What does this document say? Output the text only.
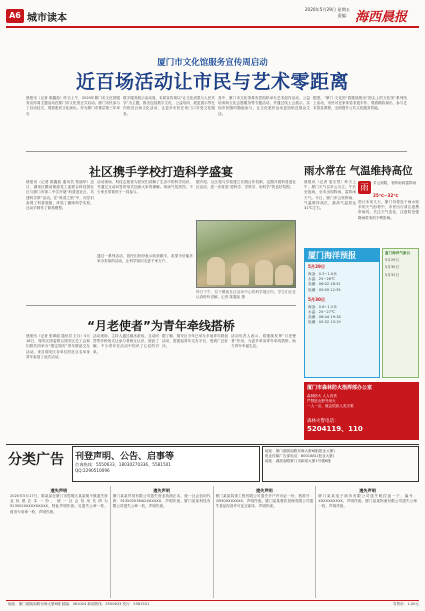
A6 城市读本
2020年5月29日 星期五
责编： 海西晨报
厦门市文化馆服务宣传周启动
近百场活动让市民与艺术零距离
晨报讯（记者 陈鑫茹）昨日上午，2020年厦门市文化馆服务宣传周主题活动在厦门市文化馆正式启动。厦门市民参与了启动仪式，观看惠民文化演出。作为厦门市基层第三年举办
数字服务展示活动周，本届宣传周以“让文化成果与人民共享”为主题，推出包括数字文化、公益培训、展览展示等在内的近百场文化活动，让更多市民在家门口享受文化服务。
其中，厦门市文化馆将有偿组织举办艺术创作活动、公益培训和文化志愿服务等专题活动，并通过线上云展示，实现市民随时随地参与，让文化惠民活动更加贴近群众生活。
据悉，“厦门·文化馆”将继续推出“指尖上的文化馆”系列线上活动，市民可在家体验非遗手作、观看精彩演出、参与艺术普及课程，全面提升公共文化服务效能。
社区携手学校打造科学盛宴
晨报讯（记者 陈鑫茹 通讯员 郑丽华）近日，湖里区殿前街道党工委联合科技园社区与厦门市第二中学开展“科普进社区，共建科学梦”活动。在“科普之旅”中，同学们参观了科普展板、体验了趣味科学实验，还动手制作了简易模型。
活动现场，科技志愿者为居民们讲解了生活中的科学知识，并通过互动问答的形式加深大家的理解。现场气氛热烈，不少家长带着孩子一同参与。
昨日下午，位于殿前社区活动中心的科学展区内，学生们正在认真聆听讲解。记者 陈鑫茹 摄
通过一系列活动，居民们纷纷表示收获颇丰，希望今后能多举办类似的活动，让科学知识走进千家万户。
据介绍，社区将与学校建立长期合作机制，定期开展科普进社区活动，进一步营造“爱科学、学科学、用科学”的良好氛围。
“月老使者”为青年牵线搭桥
晨报讯（记者 张翠丽 通讯员 王月）5月18日，翔安区团委联合翔安区总工会和妇联共同举办“情定翔安”青年联谊交友活动。来自翔安区各单位的近百名单身青年参加了此次活动。
活动现场，主持人通过破冰游戏、互动问答等多种形式让参与者相互认识、彼此了解。不少青年在活动中结识了心仪的对象。
据了解，翔安区今年已举办多场青年联谊活动，搭建起青年交友平台，受到广泛好评。
活动负责人表示，将继续发挥“月老使者”作用，为更多单身青年牵线搭桥，助力青年幸福生活。
雨水常在 气温维持高位
晨报讯（记者 詹宏然）昨天上午，厦门天气以多云为主。午后至夜间，全市出现阵雨、雷阵雨天气。今日，厦门多云转阵雨，气温维持高位，最高气温将达31℃左右。
雨	多云到阴，有阵雨到雷阵雨
25℃~32℃
预计未来几天，厦门仍将处于雨水较多的天气形势中，市民出行请注意携带雨具，关注天气变化，注意防范强降雨带来的不利影响。
厦门海洋预报
5月29日
海浪：0.5~1.0米
水温：25~26℃
高潮：06:02 18:31
低潮：00:09 12:35
5月30日
海浪：0.6~1.2米
水温：25~27℃
高潮：06:44 19:18
低潮：00:52 13:19
厦门海洋气象台
5月29日
5月30日
5月31日
厦门市森林防火指挥部办公室
森林防火 人人有责
严禁进山野外用火
一人一点，就会招致人类灾难
森林火警电话：
5204119、110
分类广告	刊登声明、公告、启事等
咨询热线：5550633、18030270336、5581501
QQ:2290510096
地址：厦门湖滨南路东海大厦6楼(报业大厦)
报业传媒广告部电话：8001881(报业大厦)
地址：湖滨南路厦门市新闻大厦1号楼6楼
遗失声明
2020年5月17日，陈某某在厦门市思明区某某街不慎遗失营业执照正本一份，统一社会信用代码为91350200XXXXXXXX，特此声明作废。另遗失公章一枚、财务专用章一枚，声明作废。
遗失声明
厦门某某贸易有限公司遗失营业执照正本，统一社会信用代码：91350203MA2XXXXXX，声明作废。厦门某某科技有限公司遗失公章一枚，声明作废。
遗失声明
厦门某某装饰工程有限公司遗失开户许可证一份，核准号：J3930XXXXXXX，声明作废。厦门某某餐饮管理有限公司遗失食品经营许可证正副本，声明作废。
遗失声明
厦门某某电子商务有限公司遗失税控盘一个，编号：XXXXXXXXXX，声明作废。厦门某某物流有限公司遗失公章一枚，声明作废。
地址：厦门湖滨南路东海大厦6楼 邮编：361004 新闻热线：5550633 发行：5581501	零售价：1.00元
